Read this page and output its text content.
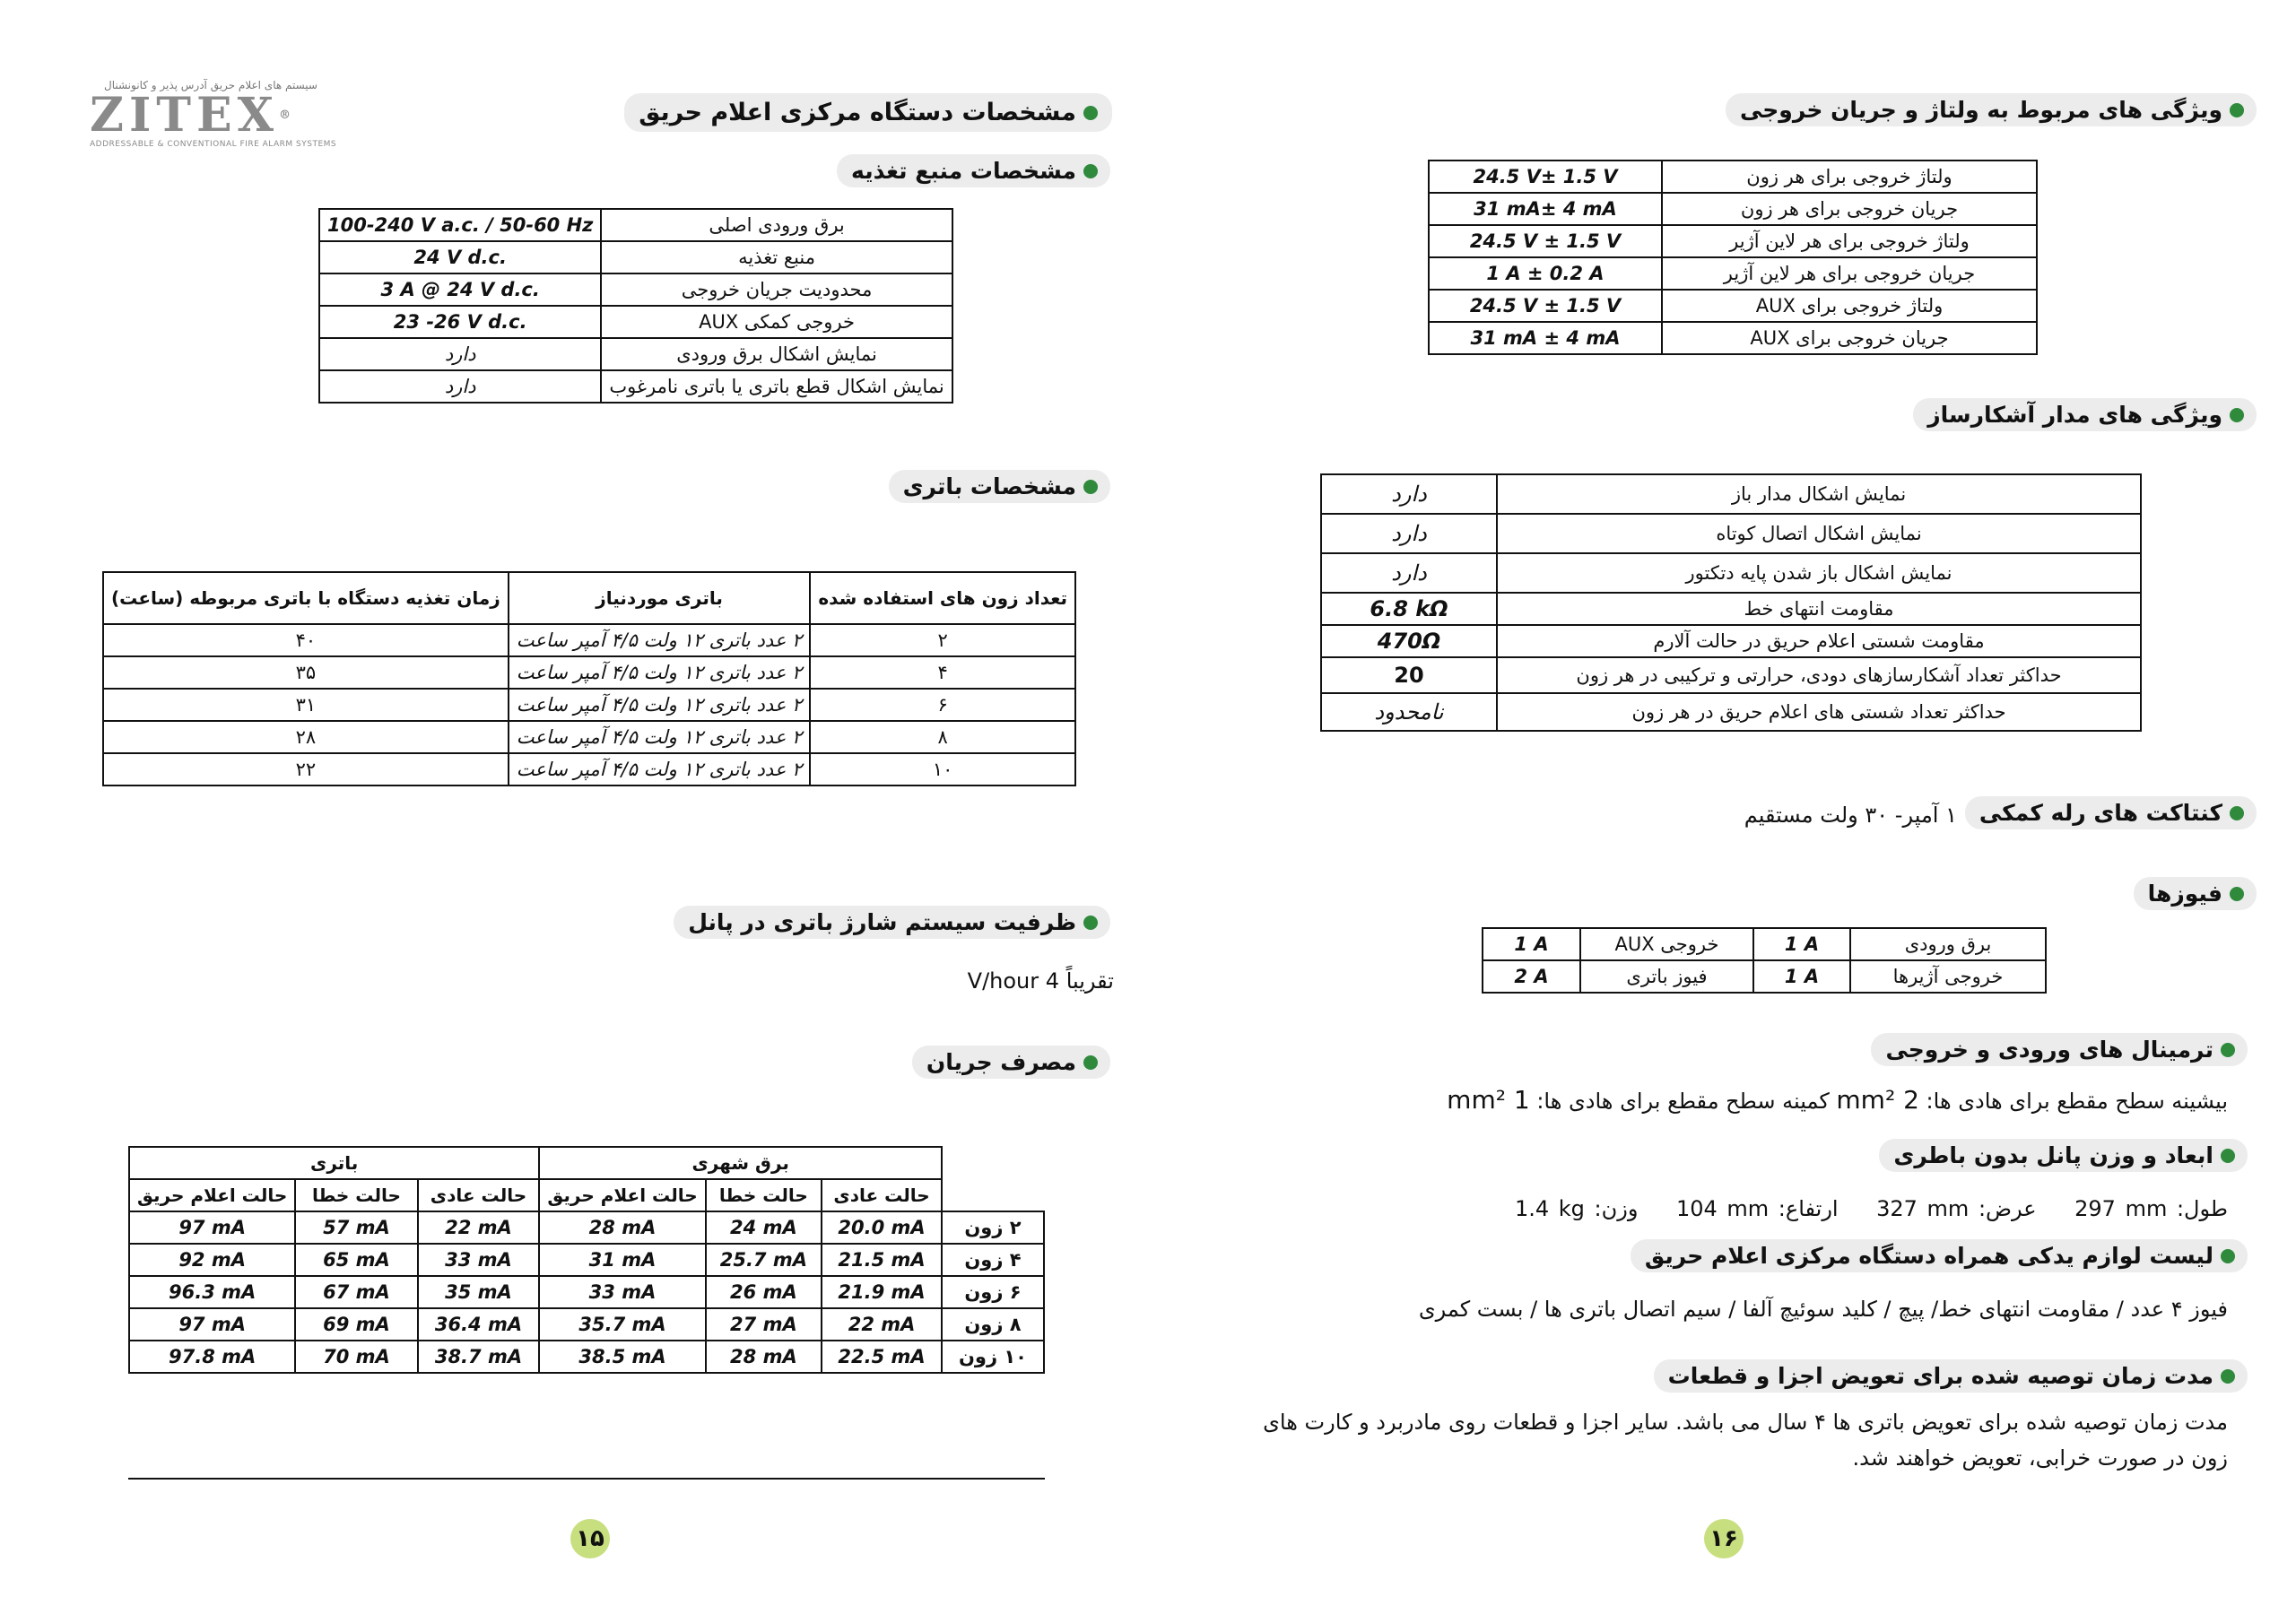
سیستم های اعلام حریق آدرس پذیر و کانونشنال
ZITEX®
ADDRESSABLE & CONVENTIONAL FIRE ALARM SYSTEMS
مشخصات دستگاه مرکزی اعلام حریق
مشخصات منبع تغذیه
برق ورودی اصلی	100-240 V a.c. / 50-60 Hz
منبع تغذیه	24 V d.c.
محدودیت جریان خروجی	3 A @ 24 V d.c.
خروجی کمکی AUX	23 -26 V d.c.
نمایش اشکال برق ورودی	دارد
نمایش اشکال قطع باتری یا باتری نامرغوب	دارد
مشخصات باتری
تعداد زون های استفاده شده	باتری موردنیاز	زمان تغذیه دستگاه با باتری مربوطه (ساعت)
۲	۲ عدد باتری ۱۲ ولت ۴/۵ آمپر ساعت	۴۰
۴	۲ عدد باتری ۱۲ ولت ۴/۵ آمپر ساعت	۳۵
۶	۲ عدد باتری ۱۲ ولت ۴/۵ آمپر ساعت	۳۱
۸	۲ عدد باتری ۱۲ ولت ۴/۵ آمپر ساعت	۲۸
۱۰	۲ عدد باتری ۱۲ ولت ۴/۵ آمپر ساعت	۲۲
ظرفیت سیستم شارژ باتری در پانل
تقریباً 4 V/hour
مصرف جریان
	برق شهری			باتری		
	حالت عادی	حالت خطا	حالت اعلام حریق	حالت عادی	حالت خطا	حالت اعلام حریق
۲ زون	20.0 mA	24 mA	28 mA	22 mA	57 mA	97 mA
۴ زون	21.5 mA	25.7 mA	31 mA	33 mA	65 mA	92 mA
۶ زون	21.9 mA	26 mA	33 mA	35 mA	67 mA	96.3 mA
۸ زون	22 mA	27 mA	35.7 mA	36.4 mA	69 mA	97 mA
۱۰ زون	22.5 mA	28 mA	38.5 mA	38.7 mA	70 mA	97.8 mA
۱۵
ویژگی های مربوط به ولتاژ و جریان خروجی
ولتاژ خروجی برای هر زون	24.5 V± 1.5 V
جریان خروجی برای هر زون	31 mA± 4 mA
ولتاژ خروجی برای هر لاین آژیر	24.5 V ± 1.5 V
جریان خروجی برای هر لاین آژیر	1 A ± 0.2 A
ولتاژ خروجی برای AUX	24.5 V ± 1.5 V
جریان خروجی برای AUX	31 mA ± 4 mA
ویژگی های مدار آشکارساز
نمایش اشکال مدار باز	دارد
نمایش اشکال اتصال کوتاه	دارد
نمایش اشکال باز شدن پایه دتکتور	دارد
مقاومت انتهای خط	6.8 kΩ
مقاومت شستی اعلام حریق در حالت آلارم	470Ω
حداکثر تعداد آشکارسازهای دودی، حرارتی و ترکیبی در هر زون	20
حداکثر تعداد شستی های اعلام حریق در هر زون	نامحدود
کنتاکت های رله کمکی
۱ آمپر- ۳۰ ولت مستقیم
فیوزها
برق ورودی	1 A	خروجی AUX	1 A
خروجی آژیرها	1 A	فیوز باتری	2 A
ترمینال های ورودی و خروجی
بیشینه سطح مقطع برای هادی ها: 2 mm² کمینه سطح مقطع برای هادی ها: 1 mm²
ابعاد و وزن پانل بدون باطری
طول: 297 mm    عرض: 327 mm    ارتفاع: 104 mm    وزن: 1.4 kg
لیست لوازم یدکی همراه دستگاه مرکزی اعلام حریق
فیوز ۴ عدد / مقاومت انتهای خط/ پیچ / کلید سوئیچ آلفا / سیم اتصال باتری ها / بست کمری
مدت زمان توصیه شده برای تعویض اجزا و قطعات
مدت زمان توصیه شده برای تعویض باتری ها ۴ سال می باشد. سایر اجزا و قطعات روی مادربرد و کارت های زون در صورت خرابی، تعویض خواهند شد.
۱۶
